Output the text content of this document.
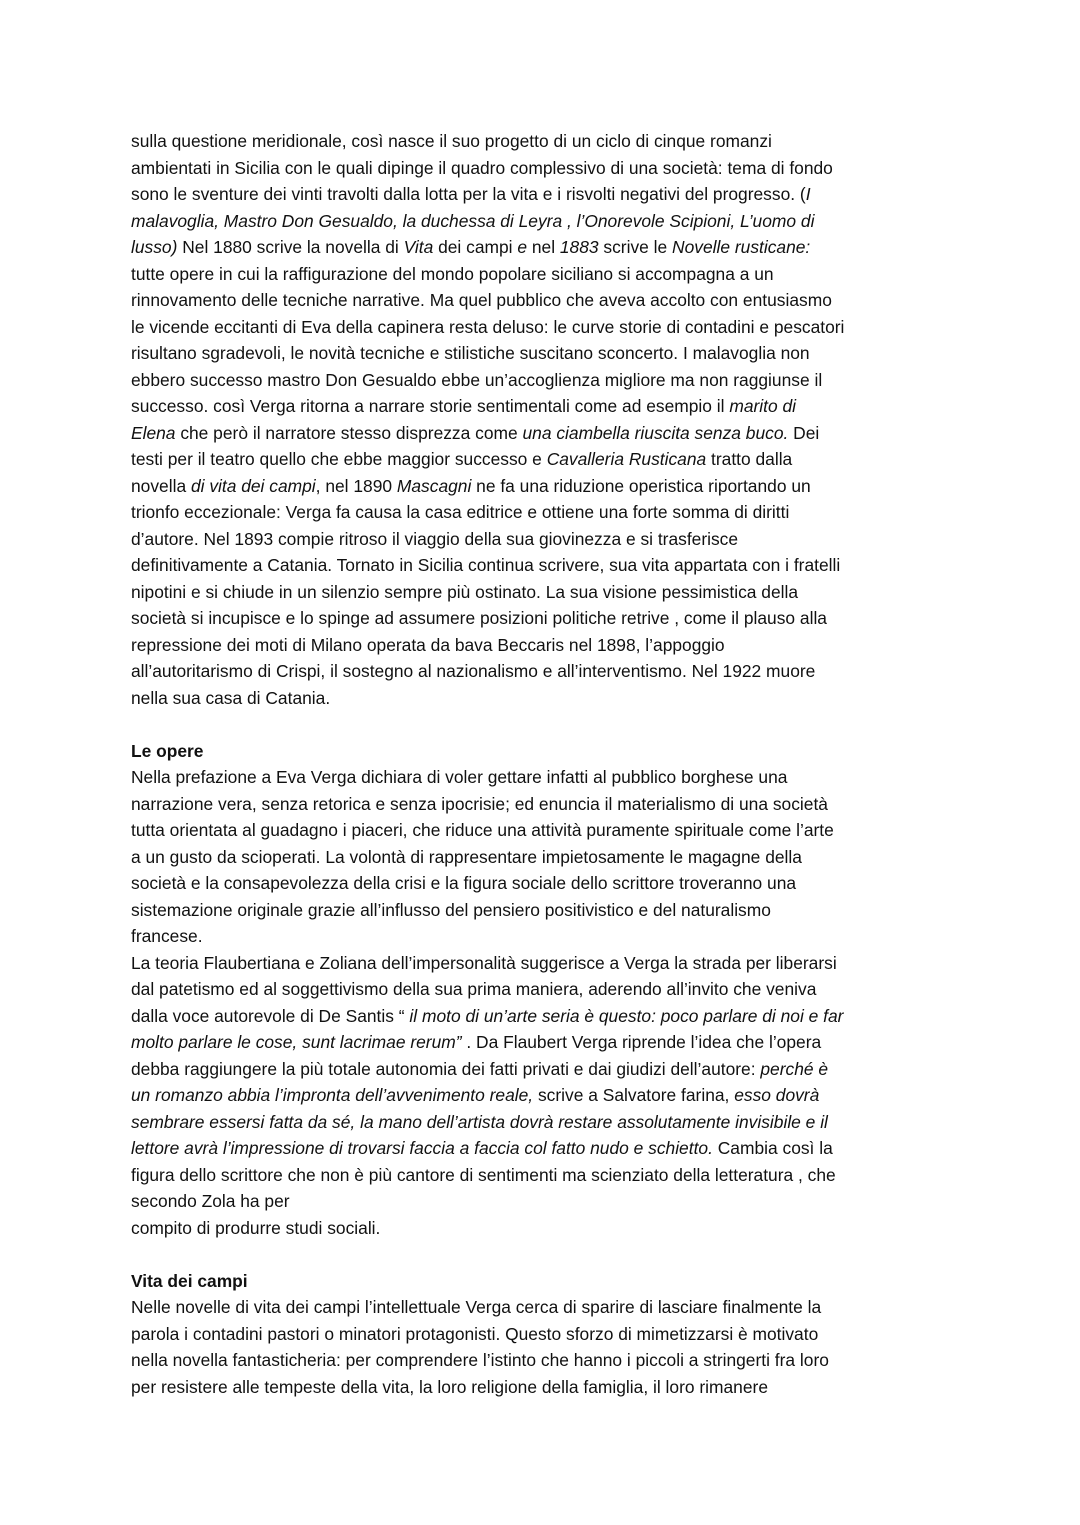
sulla questione meridionale, così nasce il suo progetto di un ciclo di cinque romanzi
ambientati in Sicilia con le quali dipinge il quadro complessivo di una società: tema di fondo
sono le sventure dei vinti travolti dalla lotta per la vita e i risvolti negativi del progresso. (I
malavoglia, Mastro Don Gesualdo, la duchessa di Leyra , l’Onorevole Scipioni, L’uomo di
lusso) Nel 1880 scrive la novella di Vita dei campi e nel 1883 scrive le Novelle rusticane:
tutte opere in cui la raffigurazione del mondo popolare siciliano si accompagna a un
rinnovamento delle tecniche narrative. Ma quel pubblico che aveva accolto con entusiasmo
le vicende eccitanti di Eva della capinera resta deluso: le curve storie di contadini e pescatori
risultano sgradevoli, le novità tecniche e stilistiche suscitano sconcerto. I malavoglia non
ebbero successo mastro Don Gesualdo ebbe un’accoglienza migliore ma non raggiunse il
successo. così Verga ritorna a narrare storie sentimentali come ad esempio il marito di
Elena che però il narratore stesso disprezza come una ciambella riuscita senza buco. Dei
testi per il teatro quello che ebbe maggior successo e Cavalleria Rusticana tratto dalla
novella di vita dei campi, nel 1890 Mascagni ne fa una riduzione operistica riportando un
trionfo eccezionale: Verga fa causa la casa editrice e ottiene una forte somma di diritti
d’autore. Nel 1893 compie ritroso il viaggio della sua giovinezza e si trasferisce
definitivamente a Catania. Tornato in Sicilia continua scrivere, sua vita appartata con i fratelli
nipotini e si chiude in un silenzio sempre più ostinato. La sua visione pessimistica della
società si incupisce e lo spinge ad assumere posizioni politiche retrive , come il plauso alla
repressione dei moti di Milano operata da bava Beccaris nel 1898, l’appoggio
all’autoritarismo di Crispi, il sostegno al nazionalismo e all’interventismo. Nel 1922 muore
nella sua casa di Catania.
Le opere
Nella prefazione a Eva Verga dichiara di voler gettare infatti al pubblico borghese una
narrazione vera, senza retorica e senza ipocrisie; ed enuncia il materialismo di una società
tutta orientata al guadagno i piaceri, che riduce una attività puramente spirituale come l’arte
a un gusto da scioperati. La volontà di rappresentare impietosamente le magagne della
società e la consapevolezza della crisi e la figura sociale dello scrittore troveranno una
sistemazione originale grazie all’influsso del pensiero positivistico e del naturalismo
francese.
La teoria Flaubertiana e Zoliana dell’impersonalità suggerisce a Verga la strada per liberarsi
dal patetismo ed al soggettivismo della sua prima maniera, aderendo all’invito che veniva
dalla voce autorevole di De Santis “ il moto di un’arte seria è questo: poco parlare di noi e far
molto parlare le cose, sunt lacrimae rerum” . Da Flaubert Verga riprende l’idea che l’opera
debba raggiungere la più totale autonomia dei fatti privati e dai giudizi dell’autore: perché è
un romanzo abbia l’impronta dell’avvenimento reale, scrive a Salvatore farina, esso dovrà
sembrare essersi fatta da sé, la mano dell’artista dovrà restare assolutamente invisibile e il
lettore avrà l’impressione di trovarsi faccia a faccia col fatto nudo e schietto. Cambia così la
figura dello scrittore che non è più cantore di sentimenti ma scienziato della letteratura , che
secondo Zola ha per
compito di produrre studi sociali.
Vita dei campi
Nelle novelle di vita dei campi l’intellettuale Verga cerca di sparire di lasciare finalmente la
parola i contadini pastori o minatori protagonisti. Questo sforzo di mimetizzarsi è motivato
nella novella fantasticheria: per comprendere l’istinto che hanno i piccoli a stringerti fra loro
per resistere alle tempeste della vita, la loro religione della famiglia, il loro rimanere
